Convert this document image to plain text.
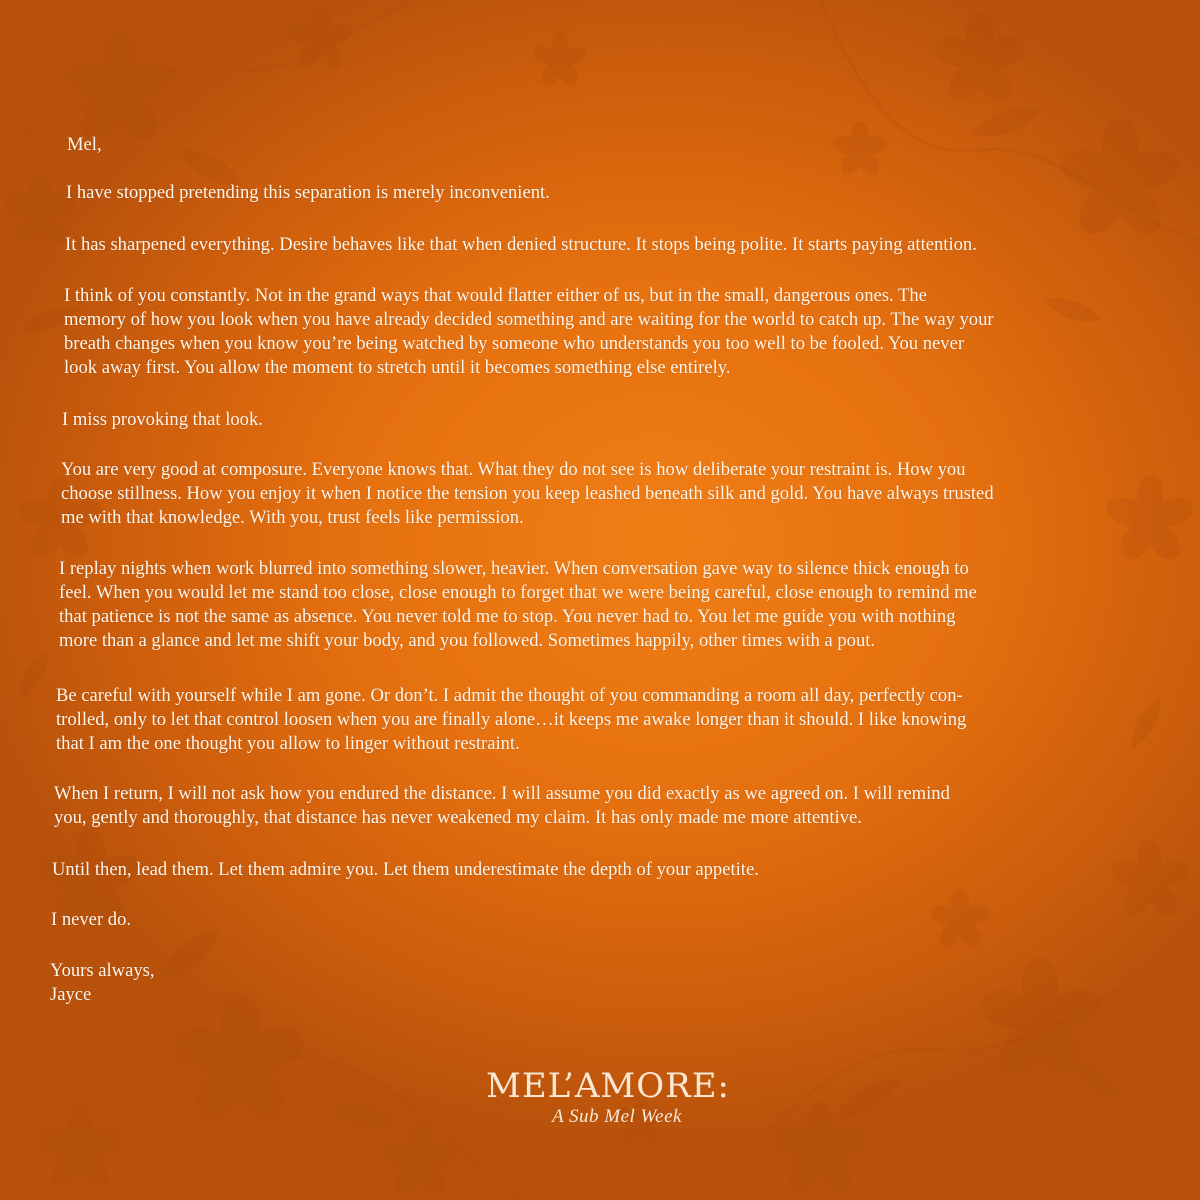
Mel,

I have stopped pretending this separation is merely inconvenient.

It has sharpened everything. Desire behaves like that when denied structure. It stops being polite. It starts paying attention.

I think of you constantly. Not in the grand ways that would flatter either of us, but in the small, dangerous ones. The
memory of how you look when you have already decided something and are waiting for the world to catch up. The way your
breath changes when you know you’re being watched by someone who understands you too well to be fooled. You never
look away first. You allow the moment to stretch until it becomes something else entirely.

I miss provoking that look.

You are very good at composure. Everyone knows that. What they do not see is how deliberate your restraint is. How you
choose stillness. How you enjoy it when I notice the tension you keep leashed beneath silk and gold. You have always trusted
me with that knowledge. With you, trust feels like permission.

I replay nights when work blurred into something slower, heavier. When conversation gave way to silence thick enough to
feel. When you would let me stand too close, close enough to forget that we were being careful, close enough to remind me
that patience is not the same as absence. You never told me to stop. You never had to. You let me guide you with nothing
more than a glance and let me shift your body, and you followed. Sometimes happily, other times with a pout.

Be careful with yourself while I am gone. Or don’t. I admit the thought of you commanding a room all day, perfectly con-
trolled, only to let that control loosen when you are finally alone…it keeps me awake longer than it should. I like knowing
that I am the one thought you allow to linger without restraint.

When I return, I will not ask how you endured the distance. I will assume you did exactly as we agreed on. I will remind
you, gently and thoroughly, that distance has never weakened my claim. It has only made me more attentive.

Until then, lead them. Let them admire you. Let them underestimate the depth of your appetite.

I never do.

Yours always,
Jayce

MEL’AMORE:
A Sub Mel Week
